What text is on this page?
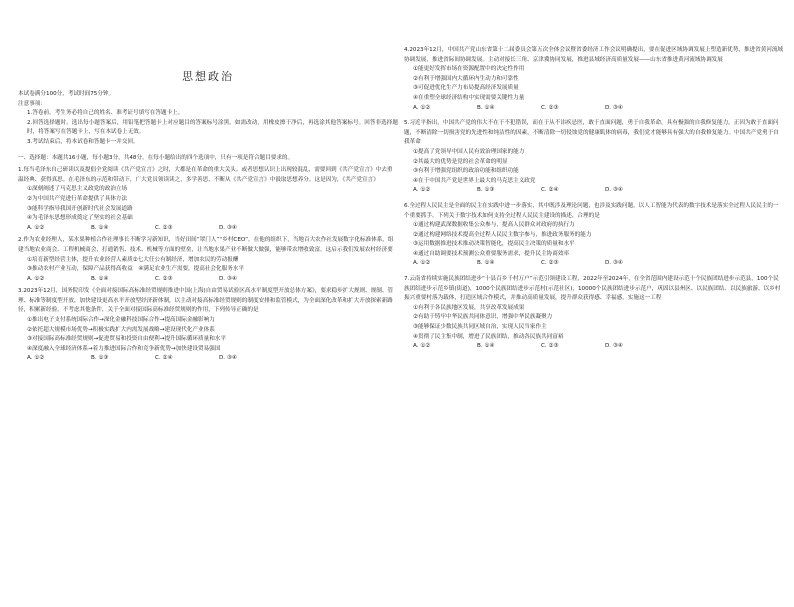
思想政治

本试卷满分100分，考试时间75分钟。

注意事项：

1.答卷前，考生务必将自己的姓名、准考证号填写在答题卡上。

2.回答选择题时，选出每小题答案后，用铅笔把答题卡上对应题目的答案标号涂黑。如需改动，用橡皮擦干净后，再选涂其他答案标号。回答非选择题时，将答案写在答题卡上，写在本试卷上无效。

3.考试结束后，将本试卷和答题卡一并交回。

一、选择题：本题共16小题，每小题3分，共48分。在每小题给出的四个选项中，只有一项是符合题目要求的。

1.每当毛泽东自己研读以及提倡全党阅读《共产党宣言》之时，大都是在革命的重大关头。或者思想认识上出现较混乱，需要回到《共产党宣言》中去重温经典、获得真思。在毛泽东的示范和带动下，广大党员领读读之，多学善思，不断从《共产党宣言》中汲取思想养分。这是因为，《共产党宣言》

①深刻阐述了马克思主义政党的政治立场

②为中国共产党进行革命提供了具体方法

③能科学指导我国开创新时代社会发展道路

④为毛泽东思想形成奠定了坚实的社会基础

A. ①②	B. ①④	C. ②③	D. ③④

2.作为农业经理人，某水果种植合作社理事长不断学习新知识，当好田间“罩门人”“乡村CEO”。在他的组织下，当地百大农作社发展数字化标准体系，组建当地农业商会、工程机械商会，打通销售、技术、机械等方面的壁垒，让当地水果产业不断做大做强，能够带农增收致富。这启示我们发展农村经济要

①培育新型经营主体，提升农业经营人素质②七大任公有制经济，增加农民的劳动报酬

③推动农村产业互动，保障产品获得高收益　④满足农业生产需要，提高社会化服务水平

A. ①②	B. ①④	C. ②③	D. ③④

3.2023年12月，国务院印发《全面对接国际高标准经贸规则推进中国(上海)自由贸易试验区高水平制度型开放总体方案》，要求稳步扩大规则、规制、管理、标准等制度型开放，加快建设更高水平开放型经济新体制，以主动对接高标准经贸规则的制度安排和监管模式，为全面深化改革和扩大开放探索新路径，积累新经验。不考虑其他条件，关于全面对接国际高标准经贸规则的作用，下列传导正确的是

①推出电子支付系统国际合作→深化金融科技国际合作→提高国际金融影响力

②依托超大规模市场优势→积极实践扩大内需发展战略→建设现代化产业体系

③对接国际高标准经贸规则→促进贸易和投资自由便利→提升国际循环质量和水平

④深度融入全球经济体系→着力推进国际合作和竞争新优势→加快建设贸易强国

A. ①②	B. ①③	C. ②④	D. ③④

4.2023年12月，中国共产党山东省第十二届委员会第五次全体会议暨省委经济工作会议明确提出，要在促进区域协调发展上塑造新优势，推进省黄河流域协调发展，推进省际间协调发展。主动对接长三角、京津冀协同发展，推进县域经济高质量发展——山东省推进黄河流域协调发展

①能更好发挥市场在资源配置中的决定性作用

②有利于增强国内大循环内生动力和可靠性

③可促进优化生产力布局提高经济发展质量

④在重塑全球经济结构中实现需要关键性力量

A. ①②	B. ①④	C. ②③	D. ③④

5.习近平指出，中国共产党的伟大不在于不犯错误，而在于从不讳疾忌医，敢于直面问题，勇于自我革命，具有极强的自我修复能力。正因为敢于直面问题，不断清除一切损害党的先进性和纯洁性的因素，不断清除一切侵蚀党的健康肌体的病毒，我们党才能够具有强大的自我修复能力。中国共产党勇于自我革命

①提高了党领导中国人民有效治理国家的能力

②其最大的优势是党的社会革命的明显

③有利于增强党组织的政治功能和组织功能

④在于中国共产党是世界上最大的马克思主义政党

A. ①②	B. ①③	C. ②④	D. ③④

6.全过程人民民主是全面的民主在实践中进一步落实，其中既涉及理论问题，也涉及实践问题，以人工智能为代表的数字技术是落实全过程人民民主的一个重要抓手。下列关于数字技术如何支持全过程人民民主建设的描述，合理的是

①通过构建武深数据收集公众参与，提高人民群众对政府的执行力

②通过构建网络技术提高全过程人民民主数字参与，推进政务服务的能力

③运用数据推进技术推动决策智能化，提高民主决策的质量和水平

④通过自助调要技术预测公众重要服务需求，提升民主协商效率

A. ①②	B. ①④	C. ②③	D. ③④

7.云南省持续实施民族团结进步“十县百乡千村万户”示范引领建设工程，2022年至2024年，在全省范围内建设示范十个民族团结进步示范县，100个民族团结进步示范乡镇(街道)，1000个民族团结进步示范村(示范社区)，10000个民族团结进步示范户，巩固以县州区、以民族团结、以民族旅游、以乡村振兴重要村落为载体，打造区域合作模式，并推动高质量发展，提升群众获得感、幸福感。实施这一工程

①有利于各民族地区发展，共享改革发展成果

②有助于铸牢中华民族共同体意识，增强中华民族凝聚力

③能够保证少数民族共同区域自治，实现人民当家作主

④贯彻了民主集中制，增进了民族团结，推动各民族共同富裕

A. ①②	B. ①④	C. ②③	D. ③④
